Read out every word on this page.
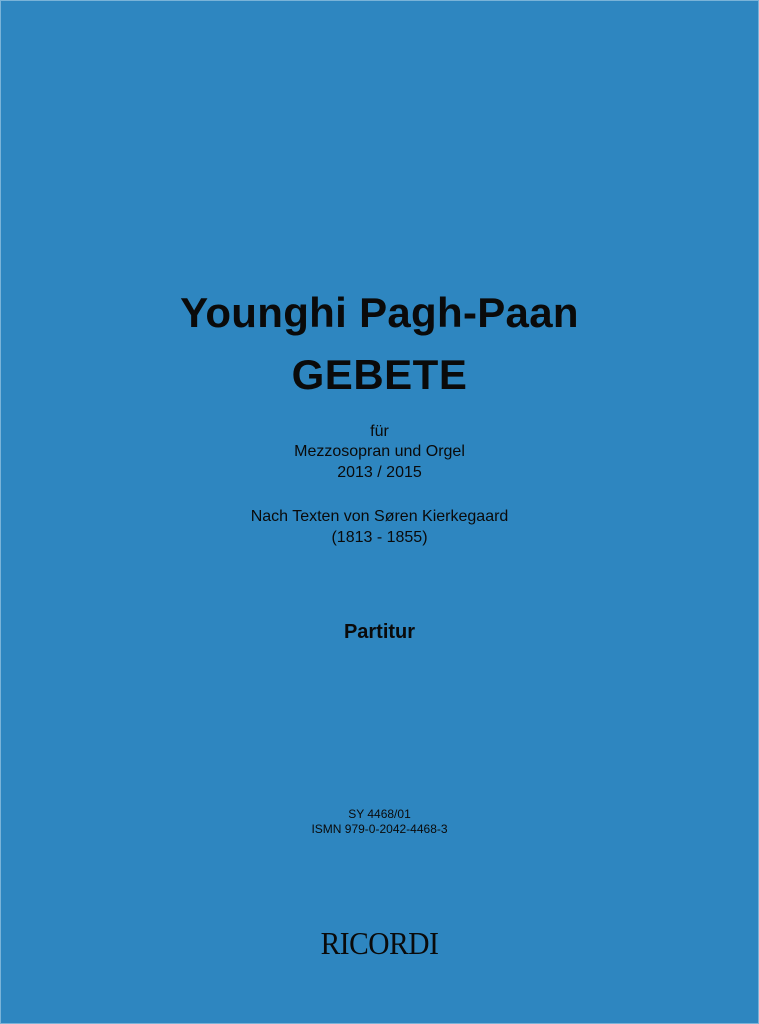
Younghi Pagh-Paan
GEBETE
für
Mezzosopran und Orgel
2013 / 2015
Nach Texten von Søren Kierkegaard
(1813 - 1855)
Partitur
SY 4468/01
ISMN 979-0-2042-4468-3
RICORDI
